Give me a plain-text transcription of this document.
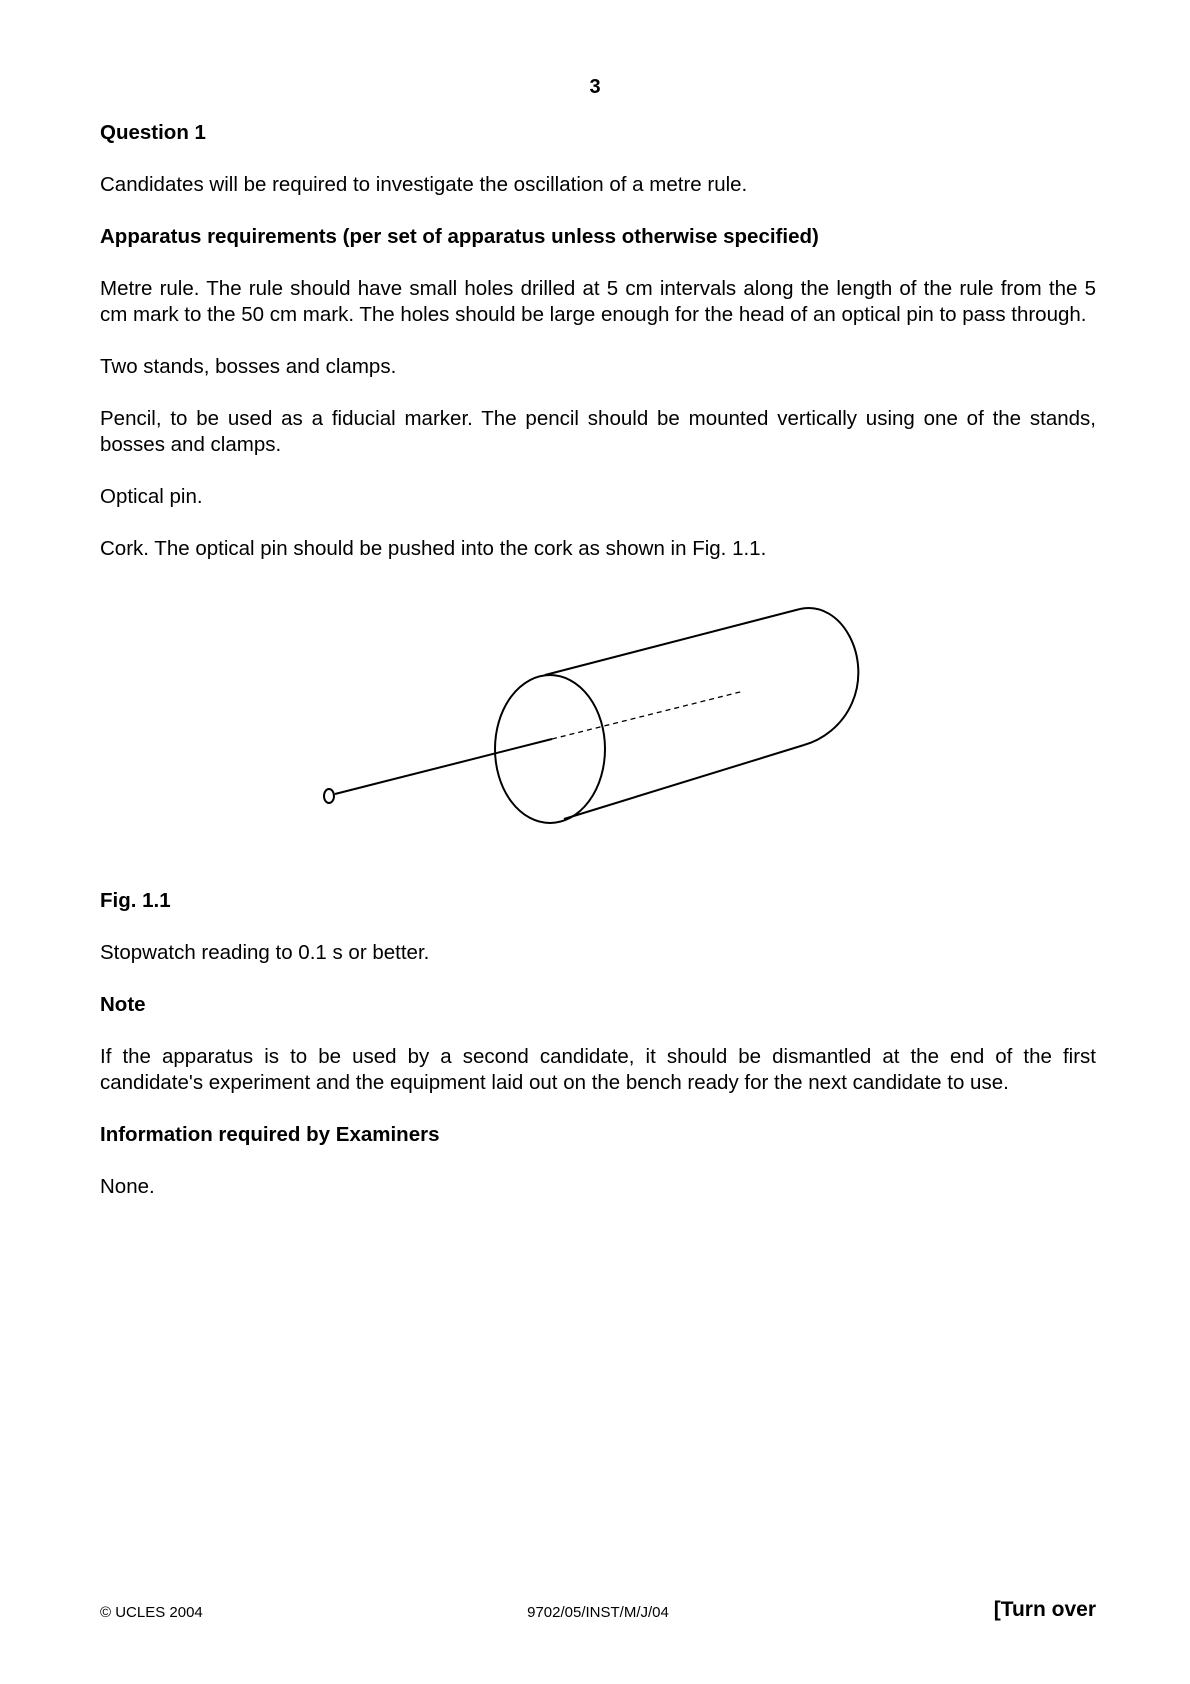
3

Question 1

Candidates will be required to investigate the oscillation of a metre rule.

Apparatus requirements (per set of apparatus unless otherwise specified)

Metre rule. The rule should have small holes drilled at 5 cm intervals along the length of the rule from the 5 cm mark to the 50 cm mark. The holes should be large enough for the head of an optical pin to pass through.

Two stands, bosses and clamps.

Pencil, to be used as a fiducial marker. The pencil should be mounted vertically using one of the stands, bosses and clamps.

Optical pin.

Cork. The optical pin should be pushed into the cork as shown in Fig. 1.1.

Fig. 1.1

Stopwatch reading to 0.1 s or better.

Note

If the apparatus is to be used by a second candidate, it should be dismantled at the end of the first candidate's experiment and the equipment laid out on the bench ready for the next candidate to use.

Information required by Examiners

None.

© UCLES 2004	9702/05/INST/M/J/04	[Turn over
